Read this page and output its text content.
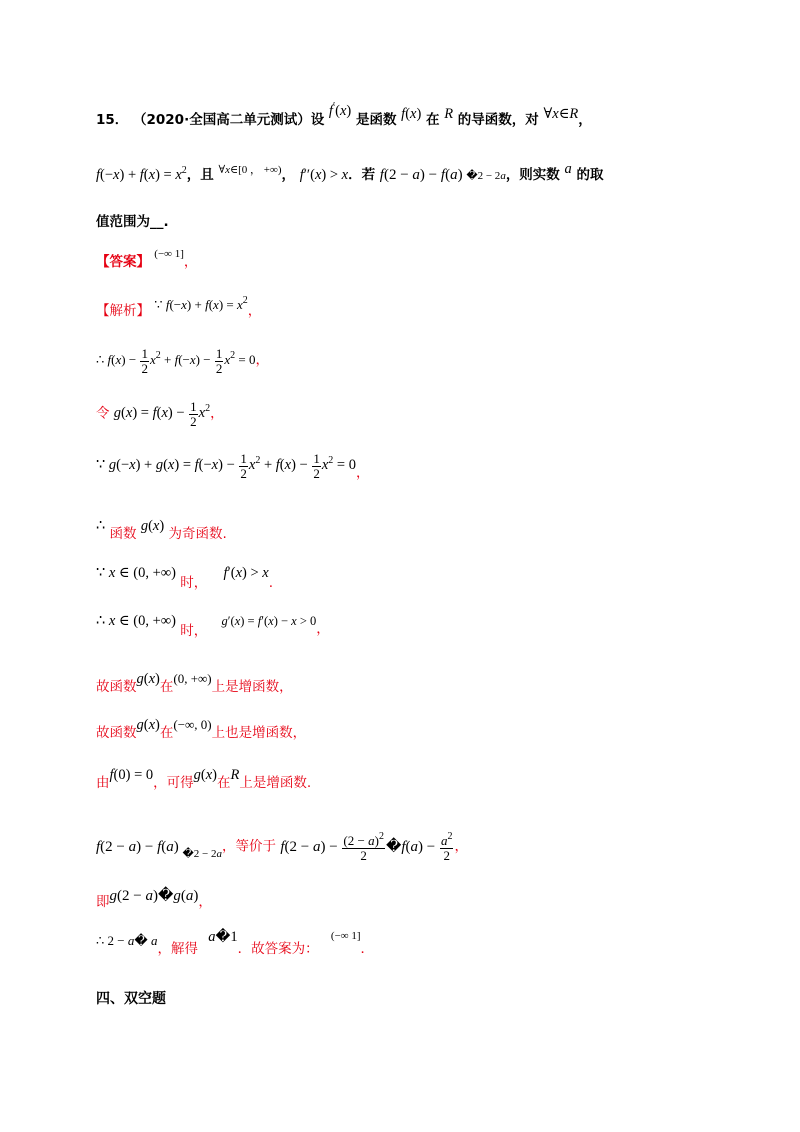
15． （2020·全国高二单元测试）设 f′(x) 是函数 f(x) 在 R 的导函数，对 ∀x∈R，
$f(-x) + f(x) = x^2$，且 $^{\forall x\in[0 , +\infty)}$， f′′(x) > x．若 f(2 − a) − f(a) �2 − 2a，则实数 a 的取
值范围为__.
【答案】 $^{(-\infty 1]}$，
【解析】 ∵ $f(-x) + f(x) = x^2$，
∴ $f(x) - \frac{1}{2} x^2 + f(-x) - \frac{1}{2} x^2 = 0$，
令 $g(x) = f(x) - \frac{1}{2} x^2$，
∵ $g(-x) + g(x) = f(-x) - \frac{1}{2} x^2 + f(x) - \frac{1}{2} x^2 = 0$，
∴ 函数 g(x) 为奇函数.
∵ x ∈ (0, +∞) 时， f′(x) > x.
∴ x ∈ (0, +∞) 时， g′(x) = f′(x) − x > 0，
故函数g(x)在(0, +∞)上是增函数，
故函数g(x)在(−∞, 0)上也是增函数，
由f(0) = 0，可得g(x)在R上是增函数.
f(2 − a) − f(a) $_{�2 - 2a}$，等价于 $f(2 - a) - \frac{(2 - a)^2}{2}$ �f(a) − $\frac{a^2}{2}$ ，
即g(2 − a)�g(a)，
∴ 2 − a� a，解得 a�1．故答案为： $^{(-\infty 1]}$．
四、双空题
